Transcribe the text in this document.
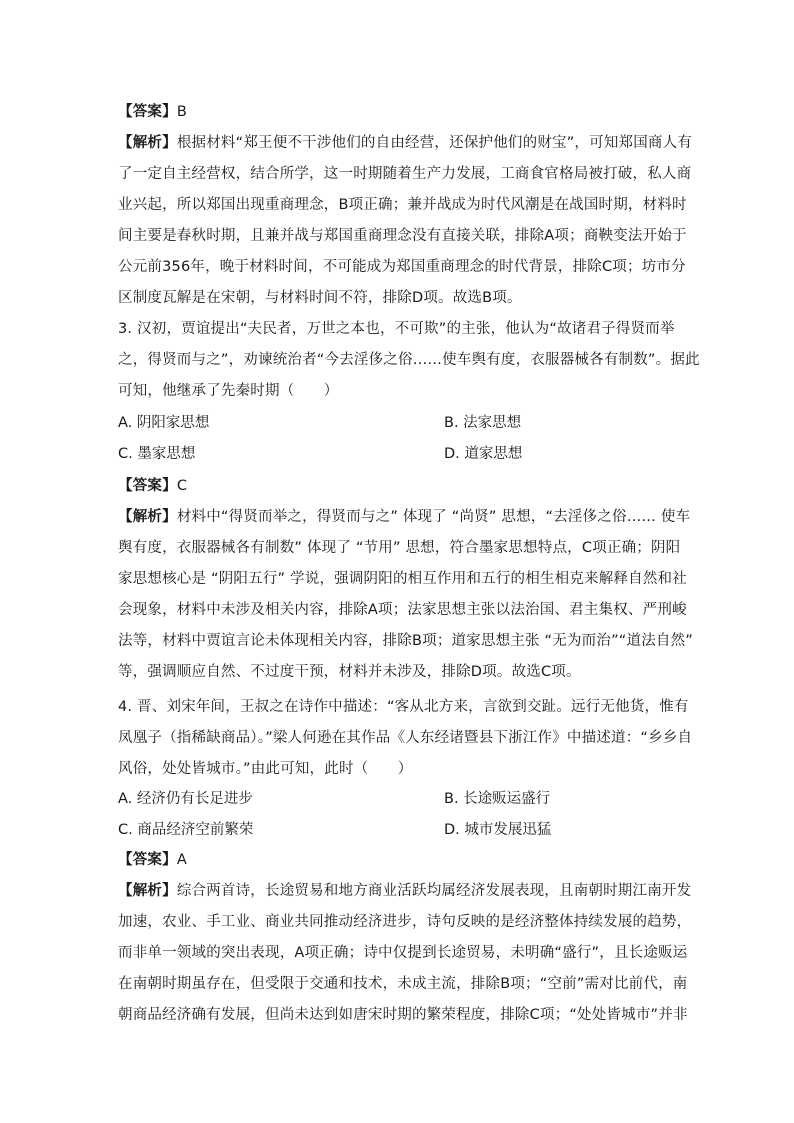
【答案】B
【解析】根据材料“郑王便不干涉他们的自由经营，还保护他们的财宝”，可知郑国商人有
了一定自主经营权，结合所学，这一时期随着生产力发展，工商食官格局被打破，私人商
业兴起，所以郑国出现重商理念，B项正确；兼并战成为时代风潮是在战国时期，材料时
间主要是春秋时期，且兼并战与郑国重商理念没有直接关联，排除A项；商鞅变法开始于
公元前356年，晚于材料时间，不可能成为郑国重商理念的时代背景，排除C项；坊市分
区制度瓦解是在宋朝，与材料时间不符，排除D项。故选B项。
3. 汉初，贾谊提出“夫民者，万世之本也，不可欺”的主张，他认为“故诸君子得贤而举
之，得贤而与之”，劝谏统治者“今去淫侈之俗……使车舆有度，衣服器械各有制数”。据此
可知，他继承了先秦时期（　　）
A. 阴阳家思想	B. 法家思想
C. 墨家思想	D. 道家思想
【答案】C
【解析】材料中“得贤而举之，得贤而与之” 体现了 “尚贤” 思想，“去淫侈之俗…… 使车
舆有度，衣服器械各有制数” 体现了 “节用” 思想，符合墨家思想特点，C项正确；阴阳
家思想核心是 “阴阳五行” 学说，强调阴阳的相互作用和五行的相生相克来解释自然和社
会现象，材料中未涉及相关内容，排除A项；法家思想主张以法治国、君主集权、严刑峻
法等，材料中贾谊言论未体现相关内容，排除B项；道家思想主张 “无为而治”“道法自然”
等，强调顺应自然、不过度干预，材料并未涉及，排除D项。故选C项。
4. 晋、刘宋年间，王叔之在诗作中描述：“客从北方来，言欲到交趾。远行无他货，惟有
凤凰子（指稀缺商品）。”梁人何逊在其作品《人东经诸暨县下浙江作》中描述道：“乡乡自
风俗，处处皆城市。”由此可知，此时（　　）
A. 经济仍有长足进步	B. 长途贩运盛行
C. 商品经济空前繁荣	D. 城市发展迅猛
【答案】A
【解析】综合两首诗，长途贸易和地方商业活跃均属经济发展表现，且南朝时期江南开发
加速，农业、手工业、商业共同推动经济进步，诗句反映的是经济整体持续发展的趋势，
而非单一领域的突出表现，A项正确；诗中仅提到长途贸易，未明确“盛行”，且长途贩运
在南朝时期虽存在，但受限于交通和技术，未成主流，排除B项；“空前”需对比前代，南
朝商品经济确有发展，但尚未达到如唐宋时期的繁荣程度，排除C项；“处处皆城市”并非
